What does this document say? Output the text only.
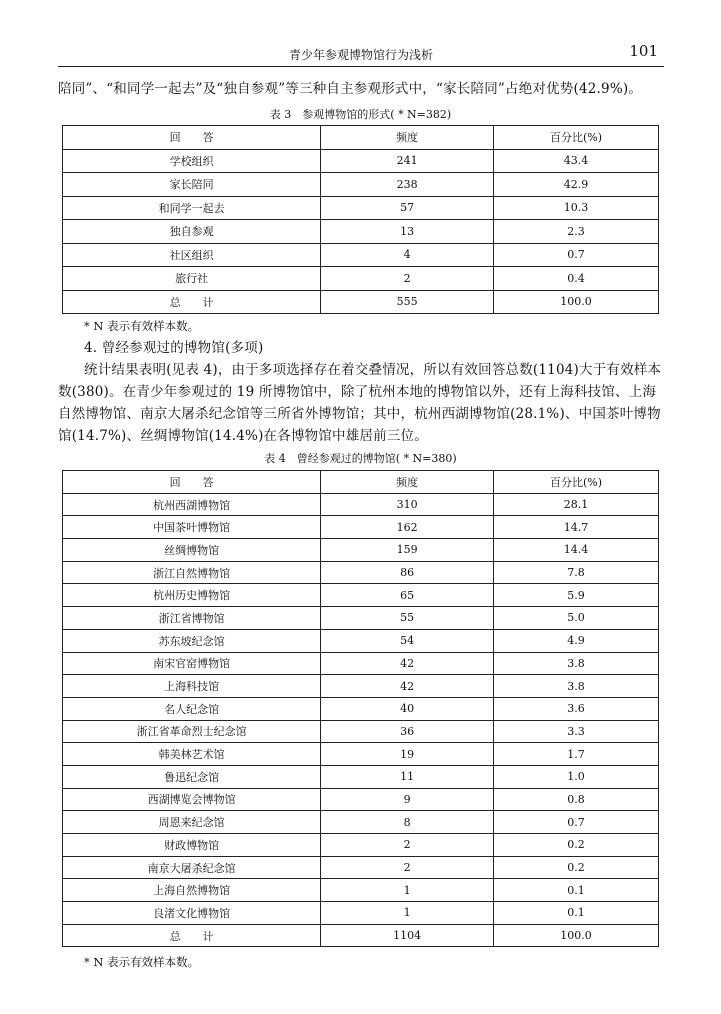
青少年参观博物馆行为浅析	101
陪同”、“和同学一起去”及“独自参观”等三种自主参观形式中，“家长陪同”占绝对优势(42.9%)。
表 3　参观博物馆的形式( * N=382)
回　　答	频度	百分比(%)
学校组织	241	43.4
家长陪同	238	42.9
和同学一起去	57	10.3
独自参观	13	2.3
社区组织	4	0.7
旅行社	2	0.4
总　　计	555	100.0
* N 表示有效样本数。
4. 曾经参观过的博物馆(多项)
统计结果表明(见表 4)，由于多项选择存在着交叠情况，所以有效回答总数(1104)大于有效样本数(380)。在青少年参观过的 19 所博物馆中，除了杭州本地的博物馆以外，还有上海科技馆、上海自然博物馆、南京大屠杀纪念馆等三所省外博物馆；其中，杭州西湖博物馆(28.1%)、中国茶叶博物馆(14.7%)、丝绸博物馆(14.4%)在各博物馆中雄居前三位。
表 4　曾经参观过的博物馆( * N=380)
回　　答	频度	百分比(%)
杭州西湖博物馆	310	28.1
中国茶叶博物馆	162	14.7
丝绸博物馆	159	14.4
浙江自然博物馆	86	7.8
杭州历史博物馆	65	5.9
浙江省博物馆	55	5.0
苏东坡纪念馆	54	4.9
南宋官窑博物馆	42	3.8
上海科技馆	42	3.8
名人纪念馆	40	3.6
浙江省革命烈士纪念馆	36	3.3
韩美林艺术馆	19	1.7
鲁迅纪念馆	11	1.0
西湖博览会博物馆	9	0.8
周恩来纪念馆	8	0.7
财政博物馆	2	0.2
南京大屠杀纪念馆	2	0.2
上海自然博物馆	1	0.1
良渚文化博物馆	1	0.1
总　　计	1104	100.0
* N 表示有效样本数。
